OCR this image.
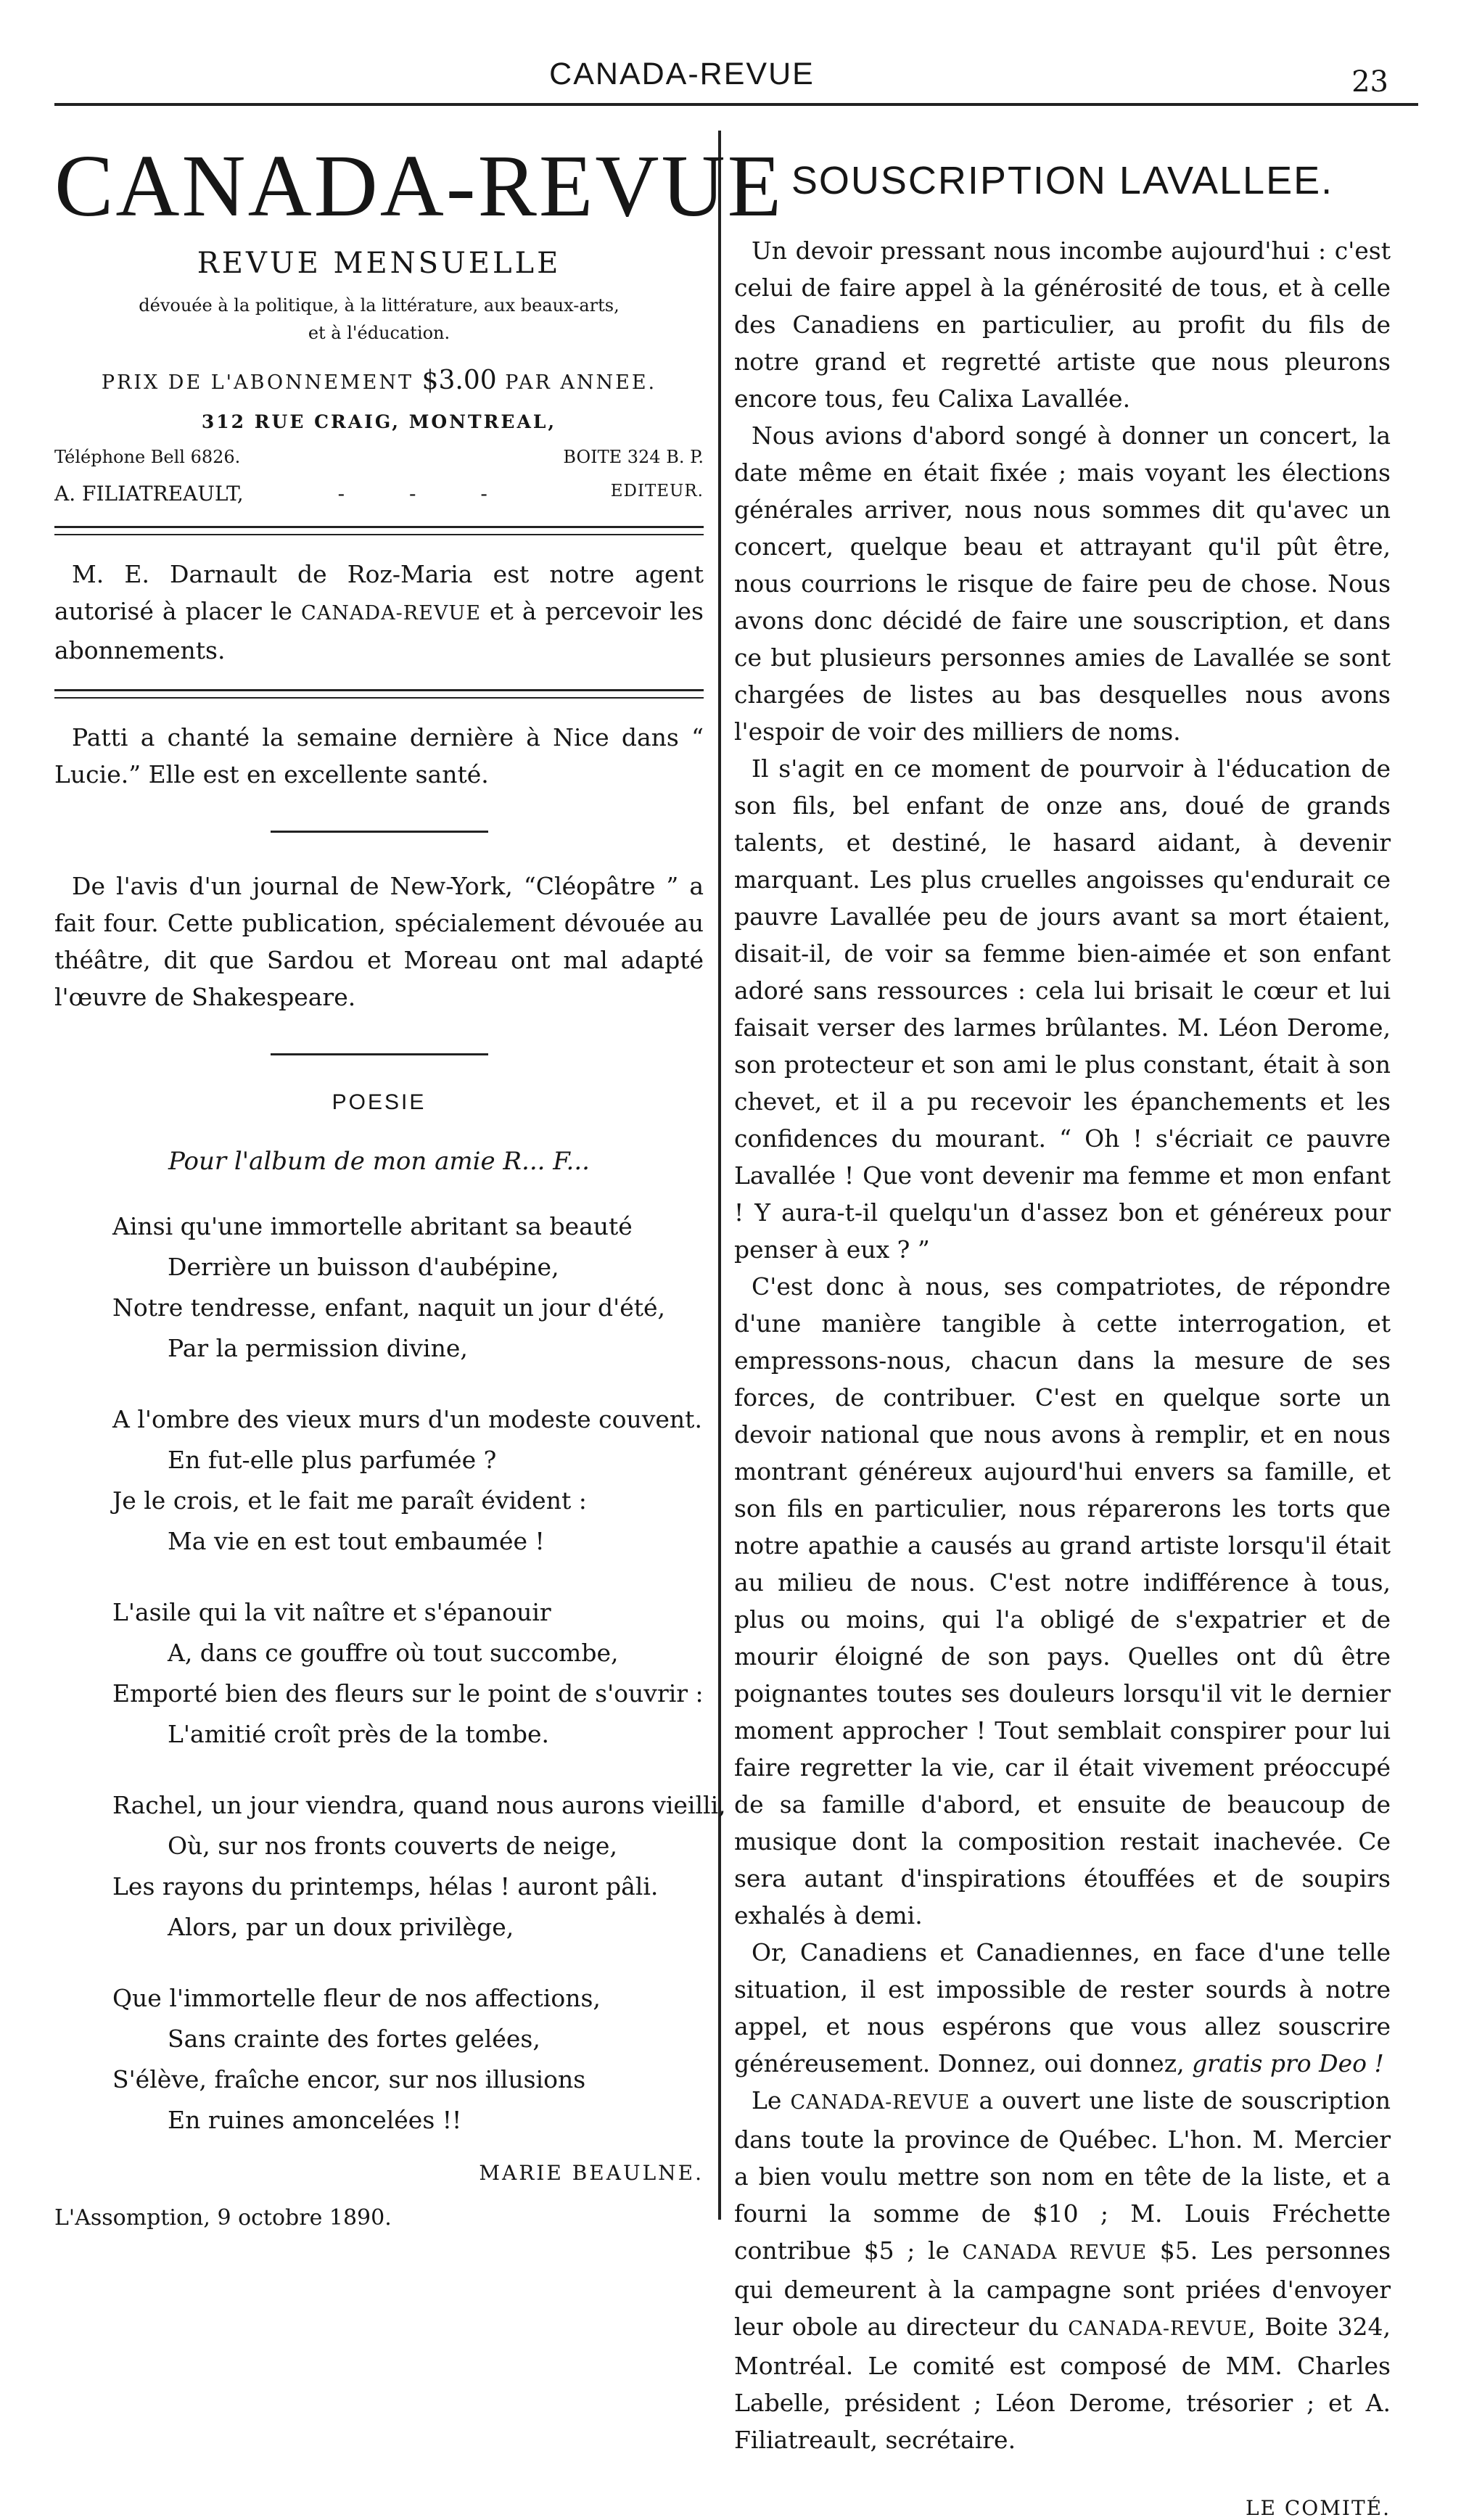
CANADA-REVUE	23
CANADA-REVUE
REVUE MENSUELLE
dévouée à la politique, à la littérature, aux beaux-arts,
et à l'éducation.
PRIX DE L'ABONNEMENT $3.00 PAR ANNEE.
312 RUE CRAIG, MONTREAL,
Téléphone Bell 6826.	BOITE 324 B. P.
A. FILIATREAULT,	- - -	EDITEUR.

M. E. Darnault de Roz-Maria est notre agent autorisé à placer le CANADA-REVUE et à percevoir les abonnements.

Patti a chanté la semaine dernière à Nice dans “ Lucie.” Elle est en excellente santé.

De l'avis d'un journal de New-York, “Cléopâtre ” a fait four. Cette publication, spécialement dévouée au théâtre, dit que Sardou et Moreau ont mal adapté l'œuvre de Shakespeare.

POESIE
Pour l'album de mon amie R... F...
Ainsi qu'une immortelle abritant sa beauté
Derrière un buisson d'aubépine,
Notre tendresse, enfant, naquit un jour d'été,
Par la permission divine,
A l'ombre des vieux murs d'un modeste couvent.
En fut-elle plus parfumée ?
Je le crois, et le fait me paraît évident :
Ma vie en est tout embaumée !
L'asile qui la vit naître et s'épanouir
A, dans ce gouffre où tout succombe,
Emporté bien des fleurs sur le point de s'ouvrir :
L'amitié croît près de la tombe.
Rachel, un jour viendra, quand nous aurons vieilli,
Où, sur nos fronts couverts de neige,
Les rayons du printemps, hélas ! auront pâli.
Alors, par un doux privilège,
Que l'immortelle fleur de nos affections,
Sans crainte des fortes gelées,
S'élève, fraîche encor, sur nos illusions
En ruines amoncelées !!
MARIE BEAULNE.
L'Assomption, 9 octobre 1890.
SOUSCRIPTION LAVALLEE.

Un devoir pressant nous incombe aujourd'hui : c'est celui de faire appel à la générosité de tous, et à celle des Canadiens en particulier, au profit du fils de notre grand et regretté artiste que nous pleurons encore tous, feu Calixa Lavallée.

Nous avions d'abord songé à donner un concert, la date même en était fixée ; mais voyant les élections générales arriver, nous nous sommes dit qu'avec un concert, quelque beau et attrayant qu'il pût être, nous courrions le risque de faire peu de chose. Nous avons donc décidé de faire une souscription, et dans ce but plusieurs personnes amies de Lavallée se sont chargées de listes au bas desquelles nous avons l'espoir de voir des milliers de noms.

Il s'agit en ce moment de pourvoir à l'éducation de son fils, bel enfant de onze ans, doué de grands talents, et destiné, le hasard aidant, à devenir marquant. Les plus cruelles angoisses qu'endurait ce pauvre Lavallée peu de jours avant sa mort étaient, disait-il, de voir sa femme bien-aimée et son enfant adoré sans ressources : cela lui brisait le cœur et lui faisait verser des larmes brûlantes. M. Léon Derome, son protecteur et son ami le plus constant, était à son chevet, et il a pu recevoir les épanchements et les confidences du mourant. “ Oh ! s'écriait ce pauvre Lavallée ! Que vont devenir ma femme et mon enfant ! Y aura-t-il quelqu'un d'assez bon et généreux pour penser à eux ? ”

C'est donc à nous, ses compatriotes, de répondre d'une manière tangible à cette interrogation, et empressons-nous, chacun dans la mesure de ses forces, de contribuer. C'est en quelque sorte un devoir national que nous avons à remplir, et en nous montrant généreux aujourd'hui envers sa famille, et son fils en particulier, nous réparerons les torts que notre apathie a causés au grand artiste lorsqu'il était au milieu de nous. C'est notre indifférence à tous, plus ou moins, qui l'a obligé de s'expatrier et de mourir éloigné de son pays. Quelles ont dû être poignantes toutes ses douleurs lorsqu'il vit le dernier moment approcher ! Tout semblait conspirer pour lui faire regretter la vie, car il était vivement préoccupé de sa famille d'abord, et ensuite de beaucoup de musique dont la composition restait inachevée. Ce sera autant d'inspirations étouffées et de soupirs exhalés à demi.

Or, Canadiens et Canadiennes, en face d'une telle situation, il est impossible de rester sourds à notre appel, et nous espérons que vous allez souscrire généreusement. Donnez, oui donnez, gratis pro Deo !

Le CANADA-REVUE a ouvert une liste de souscription dans toute la province de Québec. L'hon. M. Mercier a bien voulu mettre son nom en tête de la liste, et a fourni la somme de $10 ; M. Louis Fréchette contribue $5 ; le CANADA REVUE $5. Les personnes qui demeurent à la campagne sont priées d'envoyer leur obole au directeur du CANADA-REVUE, Boite 324, Montréal. Le comité est composé de MM. Charles Labelle, président ; Léon Derome, trésorier ; et A. Filiatreault, secrétaire.

LE COMITÉ.
